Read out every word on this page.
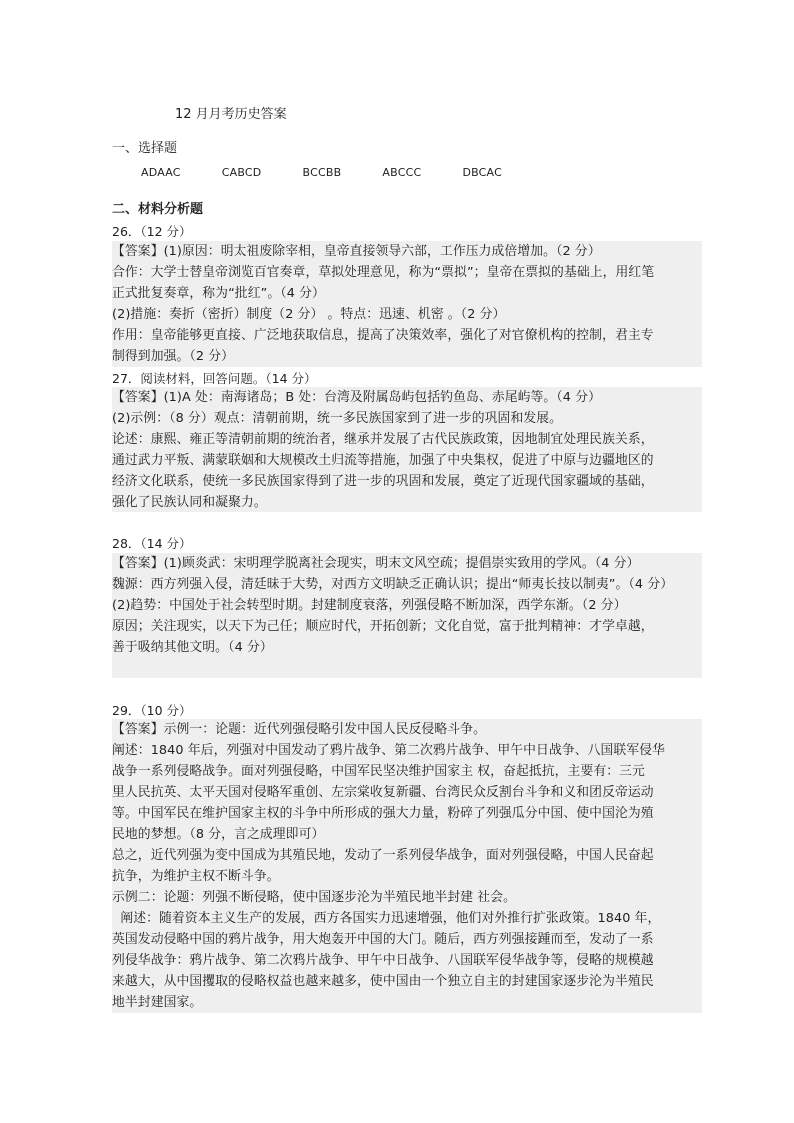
12 月月考历史答案
一、选择题
ADAAC   CABCD   BCCBB   ABCCC   DBCAC
二、材料分析题
26．（12 分）
【答案】(1)原因：明太祖废除宰相，皇帝直接领导六部，工作压力成倍增加。（2 分）
合作：大学士替皇帝浏览百官奏章，草拟处理意见，称为“票拟”；皇帝在票拟的基础上，用红笔
正式批复奏章，称为“批红”。（4 分）
(2)措施：奏折（密折）制度（2 分） 。特点：迅速、机密 。（2 分）
作用：皇帝能够更直接、广泛地获取信息，提高了决策效率，强化了对官僚机构的控制，君主专
制得到加强。（2 分）
27．阅读材料，回答问题。（14 分）
【答案】(1)A 处：南海诸岛；B 处：台湾及附属岛屿包括钓鱼岛、赤尾屿等。（4 分）
(2)示例：（8 分）观点：清朝前期，统一多民族国家到了进一步的巩固和发展。
论述：康熙、雍正等清朝前期的统治者，继承并发展了古代民族政策，因地制宜处理民族关系，
通过武力平叛、满蒙联姻和大规模改土归流等措施，加强了中央集权，促进了中原与边疆地区的
经济文化联系，使统一多民族国家得到了进一步的巩固和发展，奠定了近现代国家疆域的基础，
强化了民族认同和凝聚力。
28．（14 分）
【答案】(1)顾炎武：宋明理学脱离社会现实，明末文风空疏；提倡崇实致用的学风。（4 分）
魏源：西方列强入侵，清廷昧于大势，对西方文明缺乏正确认识；提出“师夷长技以制夷”。（4 分）
(2)趋势：中国处于社会转型时期。封建制度衰落，列强侵略不断加深，西学东渐。（2 分）
原因；关注现实，以天下为己任；顺应时代，开拓创新；文化自觉，富于批判精神：才学卓越，
善于吸纳其他文明。（4 分）
29．（10 分）
【答案】示例一：论题：近代列强侵略引发中国人民反侵略斗争。
阐述：1840 年后，列强对中国发动了鸦片战争、第二次鸦片战争、甲午中日战争、八国联军侵华
战争一系列侵略战争。面对列强侵略，中国军民坚决维护国家主 权，奋起抵抗，主要有：三元
里人民抗英、太平天国对侵略军重创、左宗棠收复新疆、台湾民众反割台斗争和义和团反帝运动
等。中国军民在维护国家主权的斗争中所形成的强大力量，粉碎了列强瓜分中国、使中国沦为殖
民地的梦想。（8 分，言之成理即可）
总之，近代列强为变中国成为其殖民地，发动了一系列侵华战争，面对列强侵略，中国人民奋起
抗争，为维护主权不断斗争。
示例二：论题：列强不断侵略，使中国逐步沦为半殖民地半封建 社会。
阐述：随着资本主义生产的发展，西方各国实力迅速增强，他们对外推行扩张政策。1840 年，
英国发动侵略中国的鸦片战争，用大炮轰开中国的大门。随后，西方列强接踵而至，发动了一系
列侵华战争：鸦片战争、第二次鸦片战争、甲午中日战争、八国联军侵华战争等，侵略的规模越
来越大，从中国攫取的侵略权益也越来越多，使中国由一个独立自主的封建国家逐步沦为半殖民
地半封建国家。
